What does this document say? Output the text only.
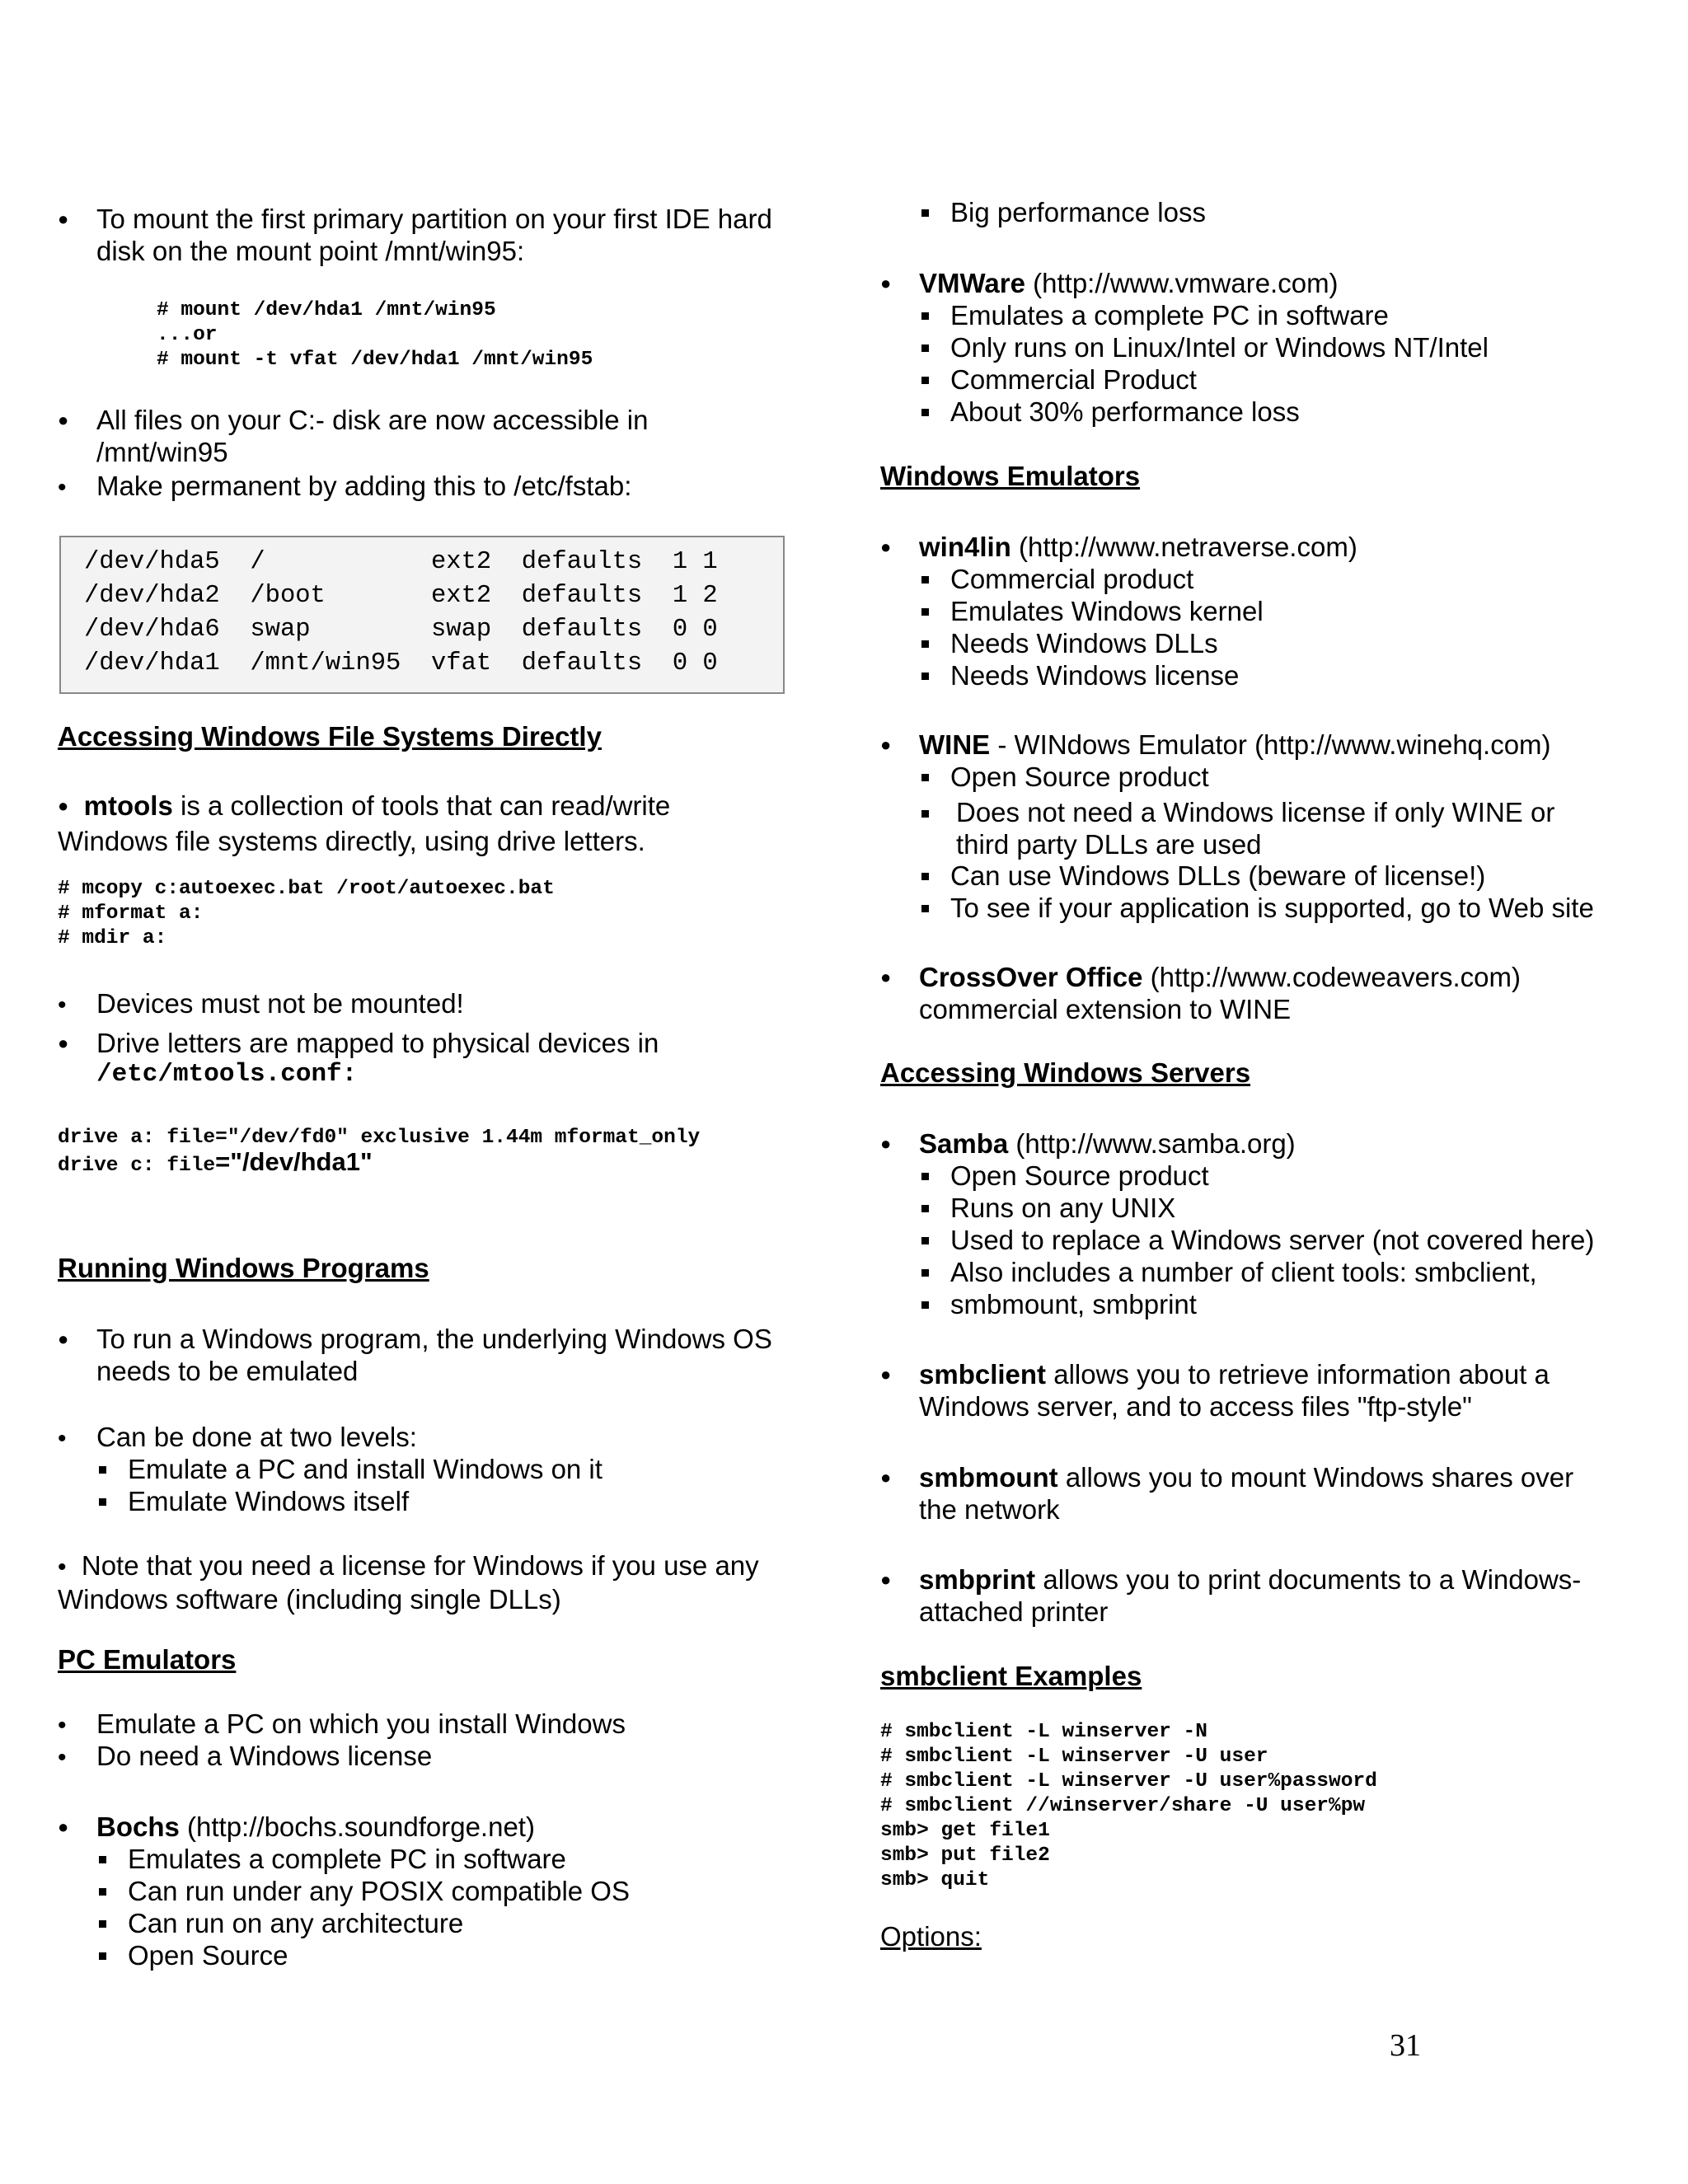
●
To mount the first primary partition on your first IDE hard disk on the mount point /mnt/win95:
# mount /dev/hda1 /mnt/win95
...or
# mount -t vfat /dev/hda1 /mnt/win95
●
All files on your C:- disk are now accessible in /mnt/win95
•
Make permanent by adding this to /etc/fstab:
/dev/hda5  /           ext2  defaults  1 1
/dev/hda2  /boot       ext2  defaults  1 2
/dev/hda6  swap        swap  defaults  0 0
/dev/hda1  /mnt/win95  vfat  defaults  0 0
Accessing Windows File Systems Directly
● mtools is a collection of tools that can read/write Windows file systems directly, using drive letters.
# mcopy c:autoexec.bat /root/autoexec.bat
# mformat a:
# mdir a:
•
Devices must not be mounted!
●
Drive letters are mapped to physical devices in
/etc/mtools.conf:
drive a: file="/dev/fd0" exclusive 1.44m mformat_only
drive c: file="/dev/hda1"
Running Windows Programs
●
To run a Windows program, the underlying Windows OS needs to be emulated
•
Can be done at two levels:
Emulate a PC and install Windows on it
Emulate Windows itself
• Note that you need a license for Windows if you use any Windows software (including single DLLs)
PC Emulators
•
Emulate a PC on which you install Windows
•
Do need a Windows license
●
Bochs (http://bochs.soundforge.net)
Emulates a complete PC in software
Can run under any POSIX compatible OS
Can run on any architecture
Open Source
Big performance loss
●
VMWare (http://www.vmware.com)
Emulates a complete PC in software
Only runs on Linux/Intel or Windows NT/Intel
Commercial Product
About 30% performance loss
Windows Emulators
●
win4lin (http://www.netraverse.com)
Commercial product
Emulates Windows kernel
Needs Windows DLLs
Needs Windows license
●
WINE - WINdows Emulator (http://www.winehq.com)
Open Source product
Does not need a Windows license if only WINE or third party DLLs are used
Can use Windows DLLs (beware of license!)
To see if your application is supported, go to Web site
●
CrossOver Office (http://www.codeweavers.com) commercial extension to WINE
Accessing Windows Servers
●
Samba (http://www.samba.org)
Open Source product
Runs on any UNIX
Used to replace a Windows server (not covered here)
Also includes a number of client tools: smbclient,
smbmount, smbprint
●
smbclient allows you to retrieve information about a Windows server, and to access files "ftp-style"
●
smbmount allows you to mount Windows shares over the network
●
smbprint allows you to print documents to a Windows-attached printer
smbclient Examples
# smbclient -L winserver -N
# smbclient -L winserver -U user
# smbclient -L winserver -U user%password
# smbclient //winserver/share -U user%pw
smb> get file1
smb> put file2
smb> quit
Options:
31
